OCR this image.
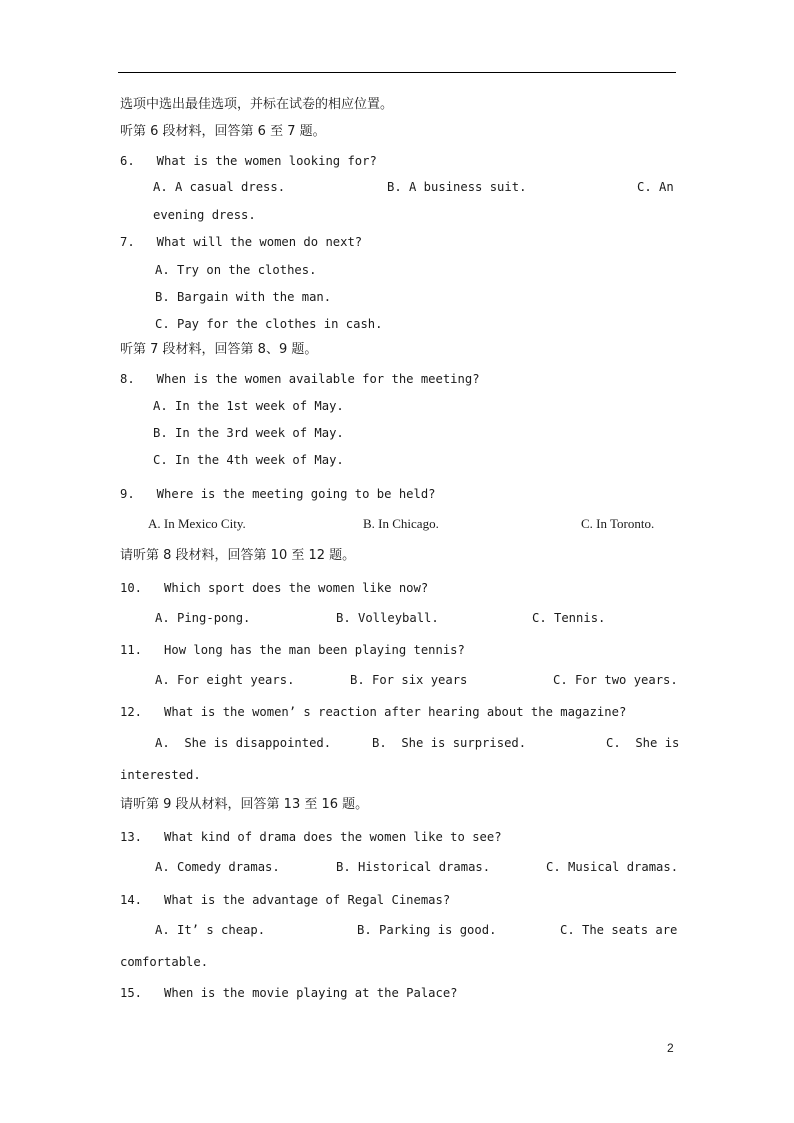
选项中选出最佳选项，并标在试卷的相应位置。
听第 6 段材料，回答第 6 至 7 题。
6.   What is the women looking for?
A. A casual dress.	B. A business suit.	C. An
evening dress.
7.   What will the women do next?
A. Try on the clothes.
B. Bargain with the man.
C. Pay for the clothes in cash.
听第 7 段材料，回答第 8、9 题。
8.   When is the women available for the meeting?
A. In the 1st week of May.
B. In the 3rd week of May.
C. In the 4th week of May.
9.   Where is the meeting going to be held?
A. In Mexico City.	B. In Chicago.	C. In Toronto.
请听第 8 段材料，回答第 10 至 12 题。
10.   Which sport does the women like now?
A. Ping-pong.	B. Volleyball.	C. Tennis.
11.   How long has the man been playing tennis?
A. For eight years.	B. For six years	C. For two years.
12.   What is the women’ s reaction after hearing about the magazine?
A.  She is disappointed.	B.  She is surprised.	C.  She is
interested.
请听第 9 段从材料，回答第 13 至 16 题。
13.   What kind of drama does the women like to see?
A. Comedy dramas.	B. Historical dramas.	C. Musical dramas.
14.   What is the advantage of Regal Cinemas?
A. It’ s cheap.	B. Parking is good.	C. The seats are
comfortable.
15.   When is the movie playing at the Palace?
2
